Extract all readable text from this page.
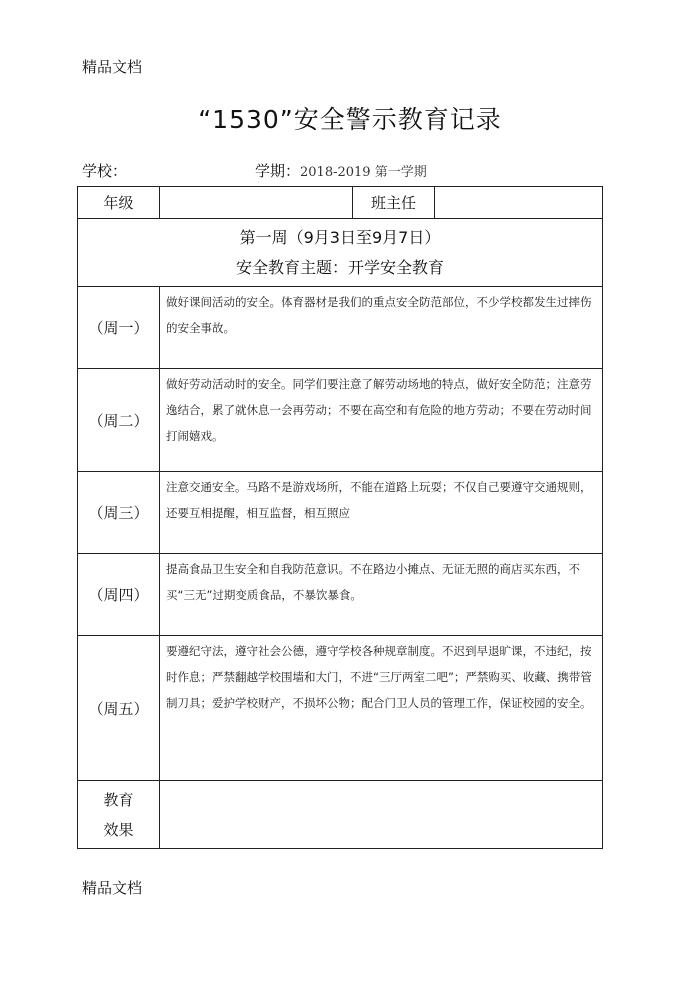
精品文档
“1530”安全警示教育记录
学校：	学期：2018-2019 第一学期
年级		班主任	

第一周（9月3日至9月7日）
安全教育主题：开学安全教育			

（周一）	做好课间活动的安全。体育器材是我们的重点安全防范部位，不少学校都发生过摔伤的安全事故。		
（周二）	做好劳动活动时的安全。同学们要注意了解劳动场地的特点，做好安全防范；注意劳逸结合，累了就休息一会再劳动；不要在高空和有危险的地方劳动；不要在劳动时间打闹嬉戏。		
（周三）	注意交通安全。马路不是游戏场所，不能在道路上玩耍；不仅自己要遵守交通规则，还要互相提醒，相互监督，相互照应		
（周四）	提高食品卫生安全和自我防范意识。不在路边小摊点、无证无照的商店买东西，不买“三无”过期变质食品，不暴饮暴食。		
（周五）	要遵纪守法，遵守社会公德，遵守学校各种规章制度。不迟到早退旷课，不违纪，按时作息；严禁翻越学校围墙和大门，不进“三厅两室二吧”；严禁购买、收藏、携带管制刀具；爱护学校财产，不损坏公物；配合门卫人员的管理工作，保证校园的安全。		

教育
效果			

精品文档
